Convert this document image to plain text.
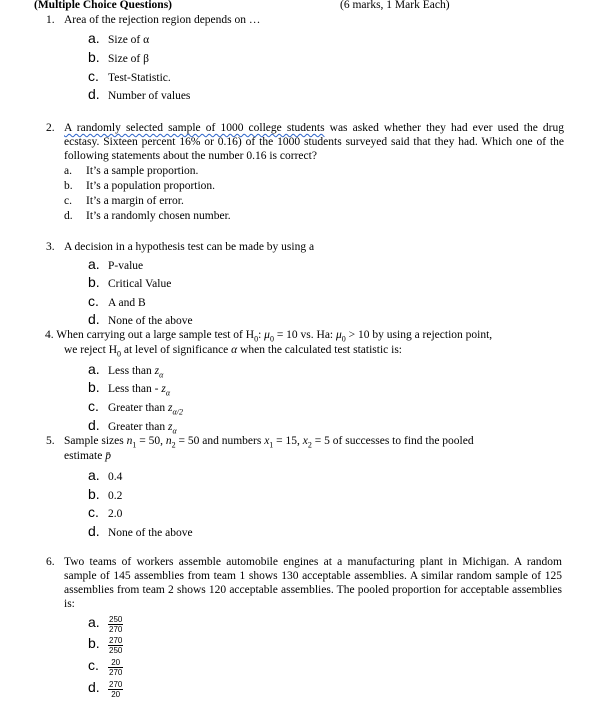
(Multiple Choice Questions)	(6 marks, 1 Mark Each)
1. Area of the rejection region depends on …
a. Size of α
b. Size of β
c. Test-Statistic.
d. Number of values
2. A randomly selected sample of 1000 college students was asked whether they had ever used the drug ecstasy. Sixteen percent 16% or 0.16) of the 1000 students surveyed said that they had. Which one of the following statements about the number 0.16 is correct?
a. It’s a sample proportion.
b. It’s a population proportion.
c. It’s a margin of error.
d. It’s a randomly chosen number.
3. A decision in a hypothesis test can be made by using a
a. P-value
b. Critical Value
c. A and B
d. None of the above
4. When carrying out a large sample test of $H_0$: $\mu_0 = 10$ vs. Ha: $\mu_0 > 10$ by using a rejection point,
we reject $H_0$ at level of significance α when the calculated test statistic is:
a. Less than $z_\alpha$
b. Less than - $z_\alpha$
c. Greater than $z_{\alpha/2}$
d. Greater than $z_\alpha$
5. Sample sizes $n_1 = 50$, $n_2 = 50$ and numbers $x_1 = 15$, $x_2 = 5$ of successes to find the pooled
estimate p̄
a. 0.4
b. 0.2
c. 2.0
d. None of the above
6. Two teams of workers assemble automobile engines at a manufacturing plant in Michigan. A random sample of 145 assemblies from team 1 shows 130 acceptable assemblies. A similar random sample of 125 assemblies from team 2 shows 120 acceptable assemblies. The pooled proportion for acceptable assemblies is:
a. $\frac{250}{270}$
b. $\frac{270}{250}$
c. $\frac{20}{270}$
d. $\frac{270}{20}$
